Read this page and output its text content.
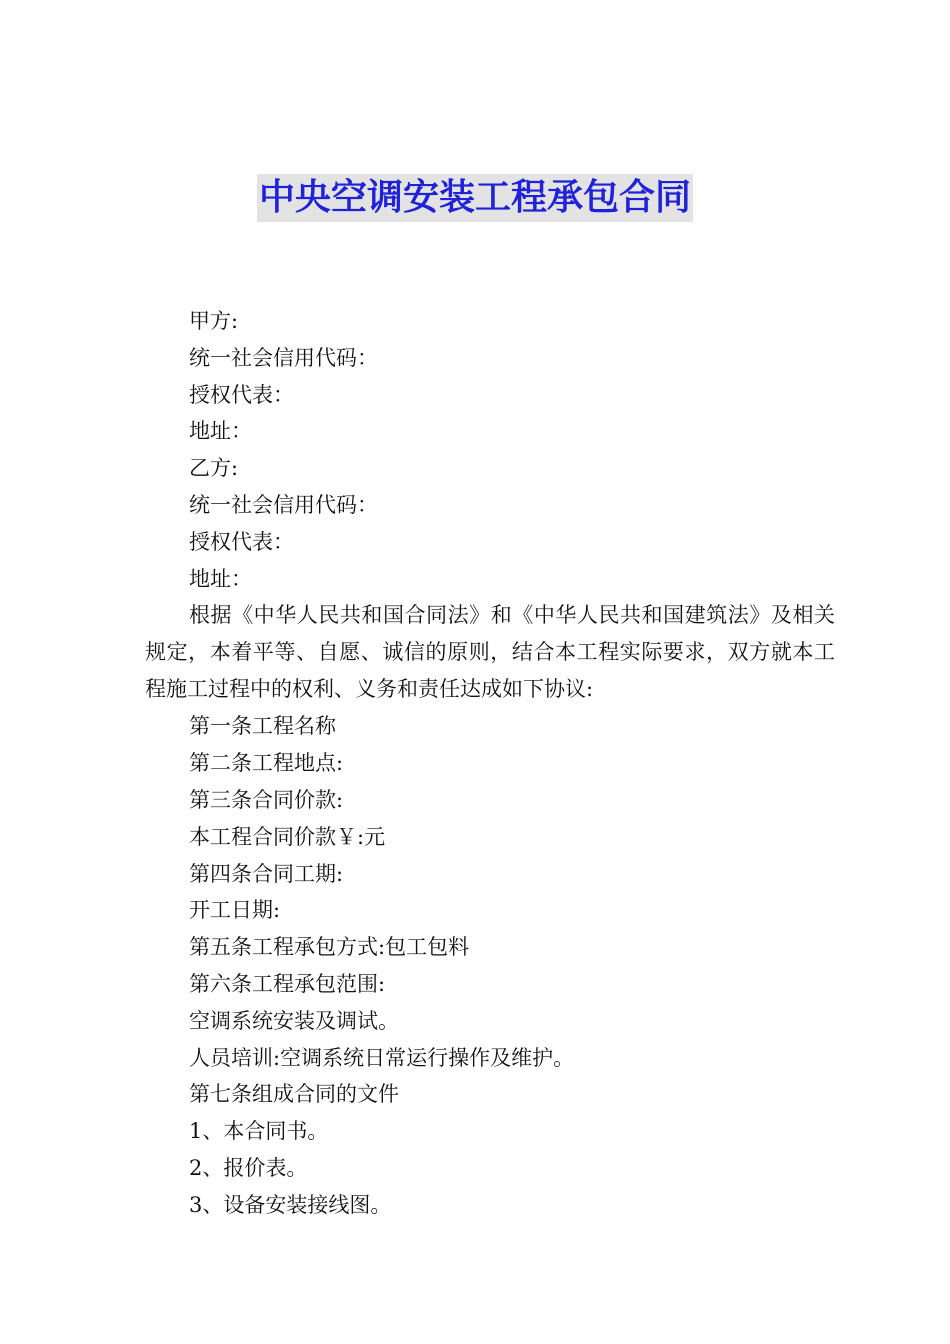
中央空调安装工程承包合同
甲方:
统一社会信用代码：
授权代表：
地址：
乙方:
统一社会信用代码：
授权代表：
地址：

根据《中华人民共和国合同法》和《中华人民共和国建筑法》及相关规定，本着平等、自愿、诚信的原则，结合本工程实际要求，双方就本工程施工过程中的权利、义务和责任达成如下协议:

第一条工程名称
第二条工程地点:
第三条合同价款:
本工程合同价款￥:元
第四条合同工期:
开工日期:
第五条工程承包方式:包工包料
第六条工程承包范围:
空调系统安装及调试。
人员培训:空调系统日常运行操作及维护。
第七条组成合同的文件
1、本合同书。
2、报价表。
3、设备安装接线图。
